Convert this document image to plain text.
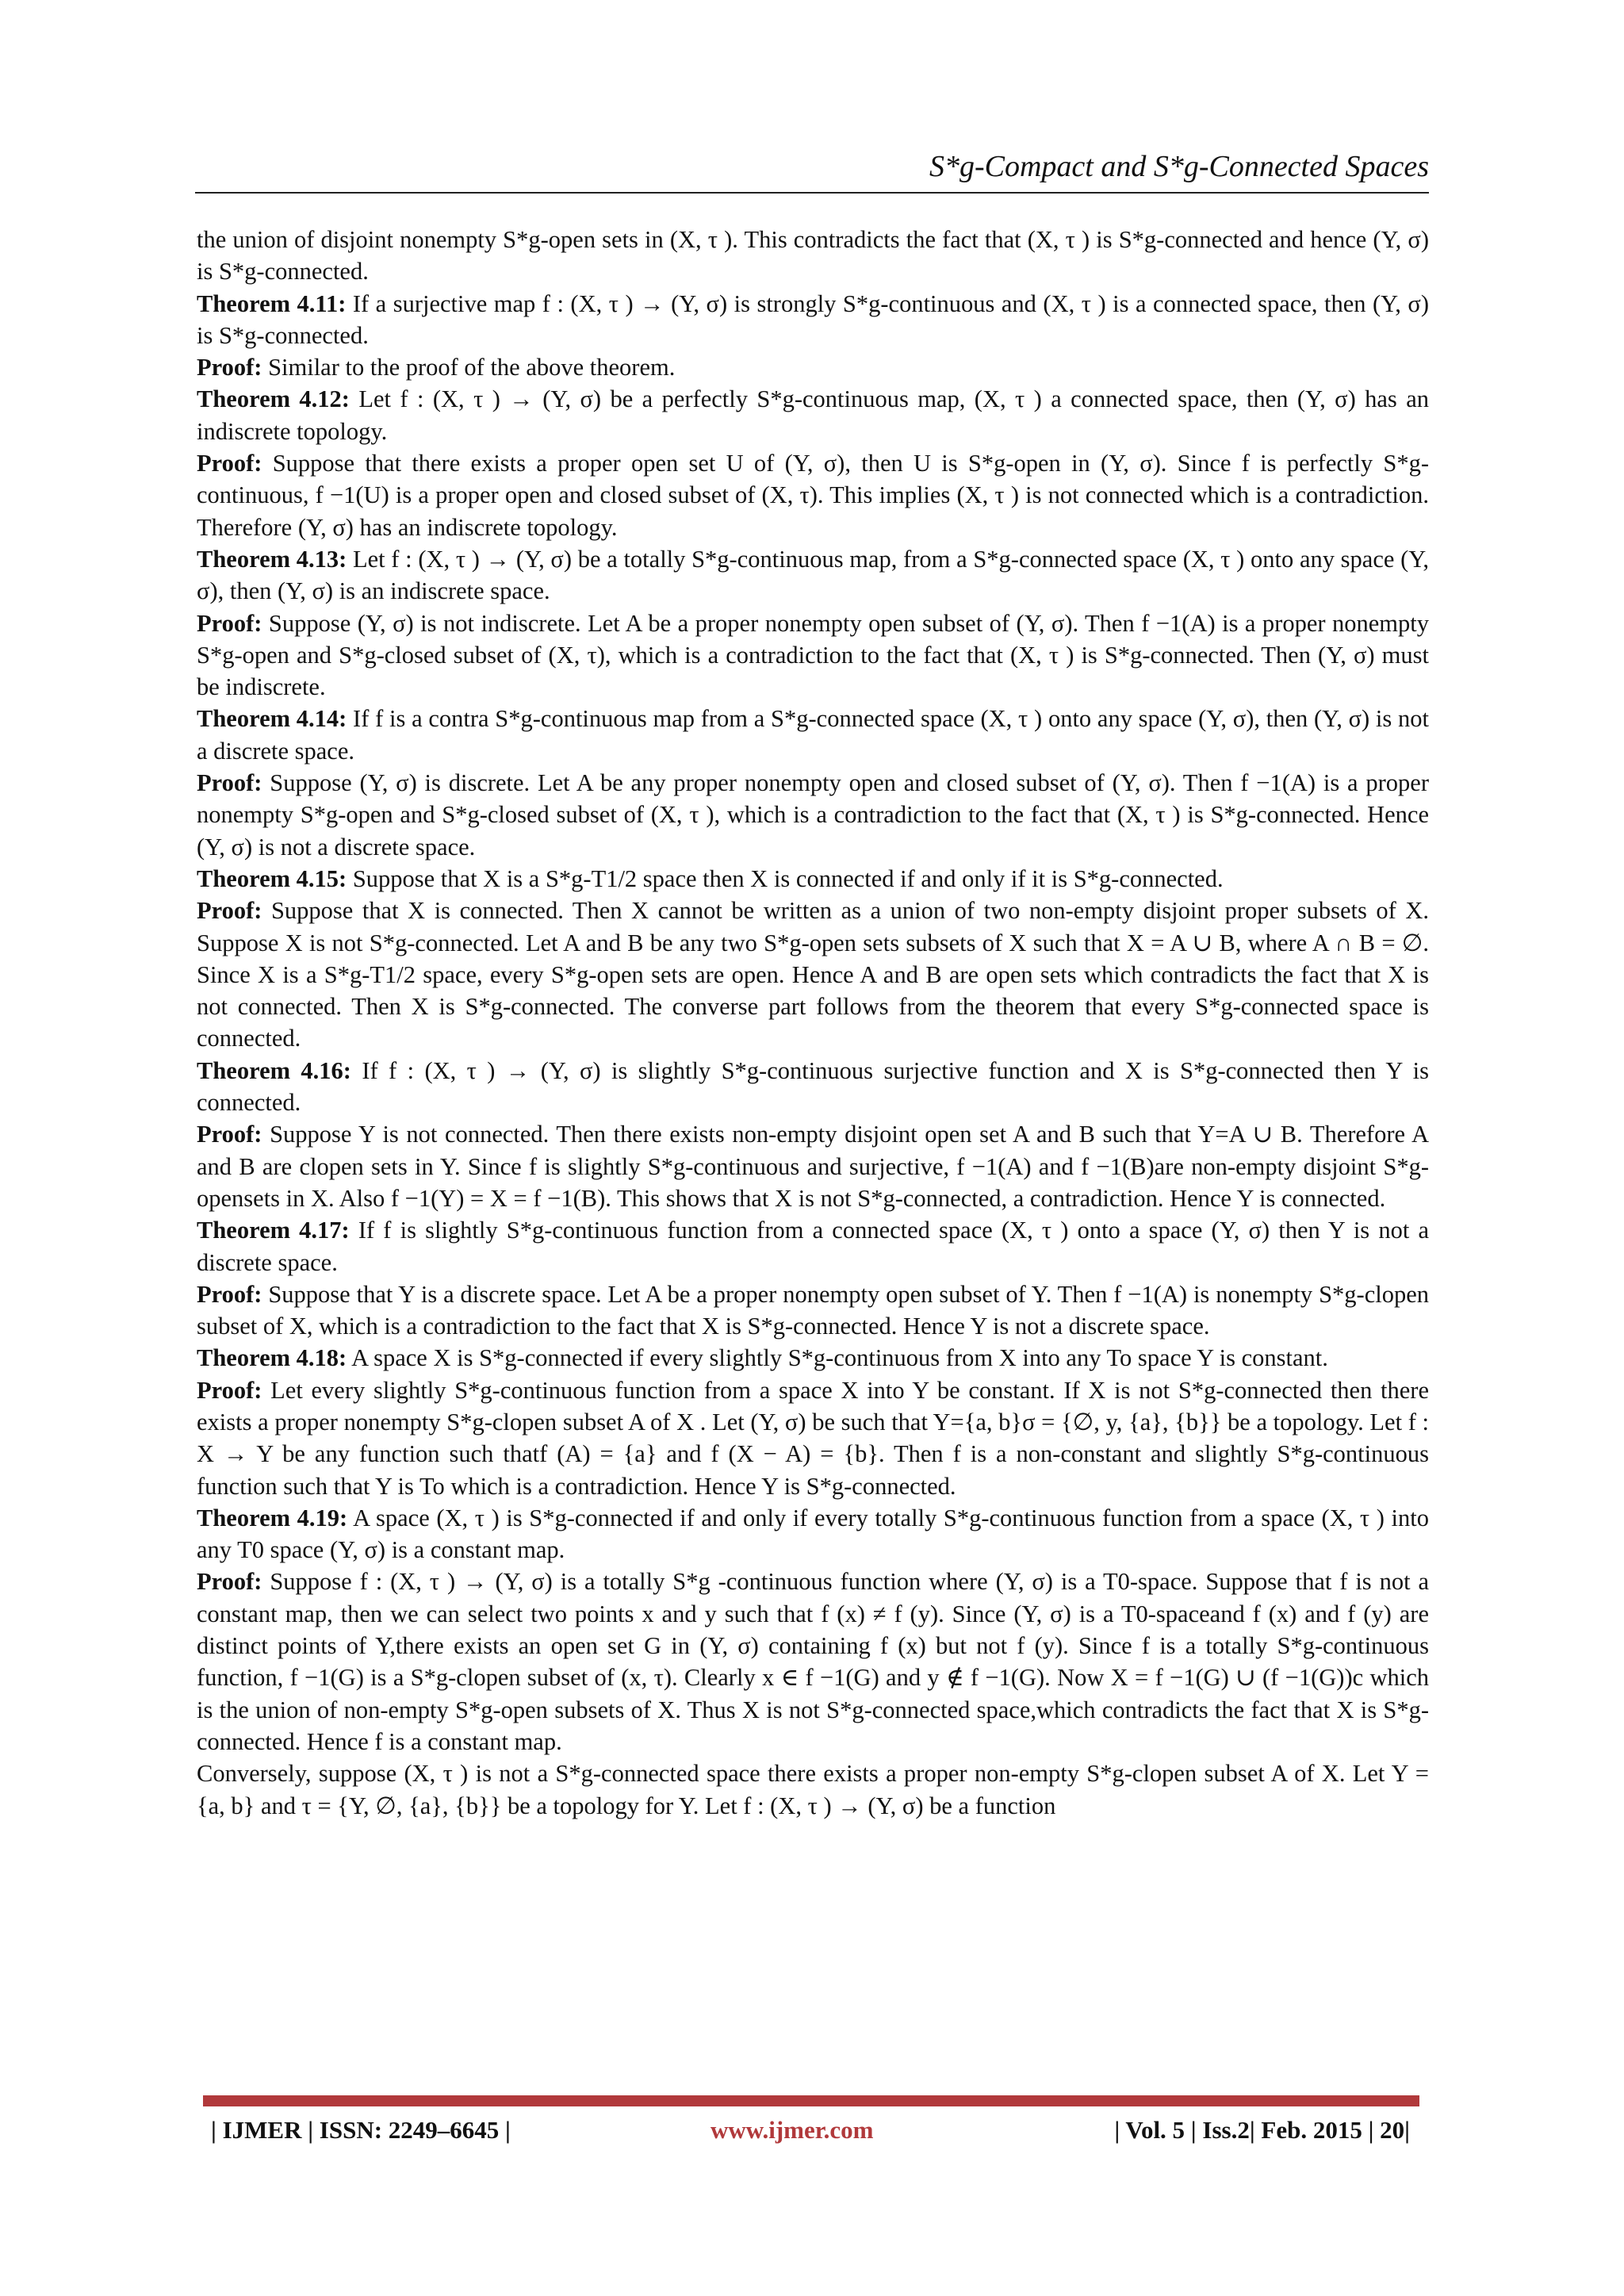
S*g-Compact and S*g-Connected Spaces

the union of disjoint nonempty S*g-open sets in (X, τ ). This contradicts the fact that (X, τ ) is S*g-connected and hence (Y, σ) is S*g-connected.

Theorem 4.11: If a surjective map f : (X, τ ) → (Y, σ) is strongly S*g-continuous and (X, τ ) is a connected space, then (Y, σ) is S*g-connected.

Proof: Similar to the proof of the above theorem.

Theorem 4.12: Let f : (X, τ ) → (Y, σ) be a perfectly S*g-continuous map, (X, τ ) a connected space, then (Y, σ) has an indiscrete topology.

Proof: Suppose that there exists a proper open set U of (Y, σ), then U is S*g-open in (Y, σ). Since f is perfectly S*g-continuous, f −1(U) is a proper open and closed subset of (X, τ). This implies (X, τ ) is not connected which is a contradiction. Therefore (Y, σ) has an indiscrete topology.

Theorem 4.13: Let f : (X, τ ) → (Y, σ) be a totally S*g-continuous map, from a S*g-connected space (X, τ ) onto any space (Y, σ), then (Y, σ) is an indiscrete space.

Proof: Suppose (Y, σ) is not indiscrete. Let A be a proper nonempty open subset of (Y, σ). Then f −1(A) is a proper nonempty S*g-open and S*g-closed subset of (X, τ), which is a contradiction to the fact that (X, τ ) is S*g-connected. Then (Y, σ) must be indiscrete.

Theorem 4.14: If f is a contra S*g-continuous map from a S*g-connected space (X, τ ) onto any space (Y, σ), then (Y, σ) is not a discrete space.

Proof: Suppose (Y, σ) is discrete. Let A be any proper nonempty open and closed subset of (Y, σ). Then f −1(A) is a proper nonempty S*g-open and S*g-closed subset of (X, τ ), which is a contradiction to the fact that (X, τ ) is S*g-connected. Hence (Y, σ) is not a discrete space.

Theorem 4.15: Suppose that X is a S*g-T1/2 space then X is connected if and only if it is S*g-connected.

Proof: Suppose that X is connected. Then X cannot be written as a union of two non-empty disjoint proper subsets of X. Suppose X is not S*g-connected. Let A and B be any two S*g-open sets subsets of X such that X = A ∪ B, where A ∩ B = ∅. Since X is a S*g-T1/2 space, every S*g-open sets are open. Hence A and B are open sets which contradicts the fact that X is not connected. Then X is S*g-connected. The converse part follows from the theorem that every S*g-connected space is connected.

Theorem 4.16: If f : (X, τ ) → (Y, σ) is slightly S*g-continuous surjective function and X is S*g-connected then Y is connected.

Proof: Suppose Y is not connected. Then there exists non-empty disjoint open set A and B such that Y=A ∪ B. Therefore A and B are clopen sets in Y. Since f is slightly S*g-continuous and surjective, f −1(A) and f −1(B)are non-empty disjoint S*g-opensets in X. Also f −1(Y) = X = f −1(B). This shows that X is not S*g-connected, a contradiction. Hence Y is connected.

Theorem 4.17: If f is slightly S*g-continuous function from a connected space (X, τ ) onto a space (Y, σ) then Y is not a discrete space.

Proof: Suppose that Y is a discrete space. Let A be a proper nonempty open subset of Y. Then f −1(A) is nonempty S*g-clopen subset of X, which is a contradiction to the fact that X is S*g-connected. Hence Y is not a discrete space.

Theorem 4.18: A space X is S*g-connected if every slightly S*g-continuous from X into any To space Y is constant.

Proof: Let every slightly S*g-continuous function from a space X into Y be constant. If X is not S*g-connected then there exists a proper nonempty S*g-clopen subset A of X . Let (Y, σ) be such that Y={a, b}σ = {∅, y, {a}, {b}} be a topology. Let f : X → Y be any function such thatf (A) = {a} and f (X − A) = {b}. Then f is a non-constant and slightly S*g-continuous function such that Y is To which is a contradiction. Hence Y is S*g-connected.

Theorem 4.19: A space (X, τ ) is S*g-connected if and only if every totally S*g-continuous function from a space (X, τ ) into any T0 space (Y, σ) is a constant map.

Proof: Suppose f : (X, τ ) → (Y, σ) is a totally S*g -continuous function where (Y, σ) is a T0-space. Suppose that f is not a constant map, then we can select two points x and y such that f (x) ≠ f (y). Since (Y, σ) is a T0-spaceand f (x) and f (y) are distinct points of Y,there exists an open set G in (Y, σ) containing f (x) but not f (y). Since f is a totally S*g-continuous function, f −1(G) is a S*g-clopen subset of (x, τ). Clearly x ∈ f −1(G) and y ∉ f −1(G). Now X = f −1(G) ∪ (f −1(G))c which is the union of non-empty S*g-open subsets of X. Thus X is not S*g-connected space,which contradicts the fact that X is S*g-connected. Hence f is a constant map.

Conversely, suppose (X, τ ) is not a S*g-connected space there exists a proper non-empty S*g-clopen subset A of X. Let Y = {a, b} and τ = {Y, ∅, {a}, {b}} be a topology for Y. Let f : (X, τ ) → (Y, σ) be a function

| IJMER | ISSN: 2249–6645 |	www.ijmer.com	| Vol. 5 | Iss.2| Feb. 2015 | 20|
